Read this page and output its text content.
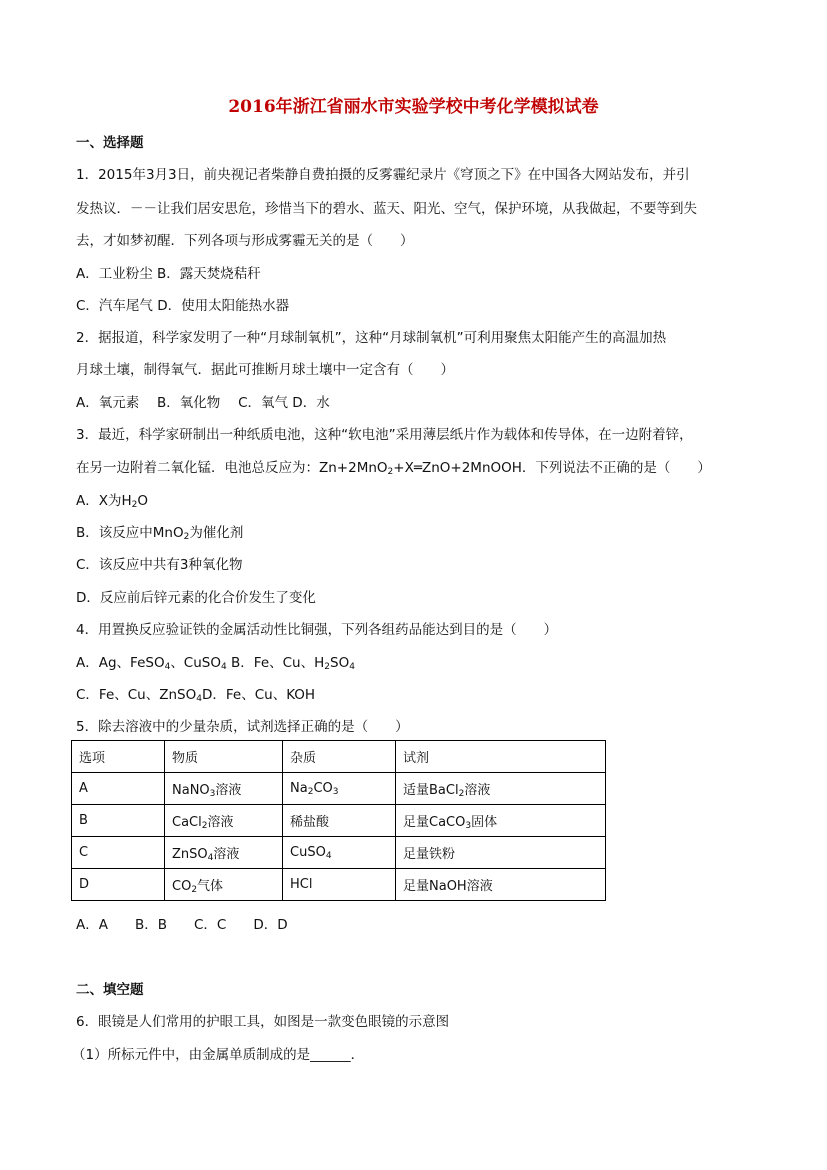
2016年浙江省丽水市实验学校中考化学模拟试卷
一、选择题
1．2015年3月3日，前央视记者柴静自费拍摄的反雾霾纪录片《穹顶之下》在中国各大网站发布，并引
发热议．－－让我们居安思危，珍惜当下的碧水、蓝天、阳光、空气，保护环境，从我做起，不要等到失
去，才如梦初醒．下列各项与形成雾霾无关的是（　　）
A．工业粉尘 B．露天焚烧秸秆
C．汽车尾气 D．使用太阳能热水器
2．据报道，科学家发明了一种“月球制氧机”，这种“月球制氧机”可利用聚焦太阳能产生的高温加热
月球土壤，制得氧气．据此可推断月球土壤中一定含有（　　）
A．氧元素　 B．氧化物　 C．氧气 D．水
3．最近，科学家研制出一种纸质电池，这种“软电池”采用薄层纸片作为载体和传导体，在一边附着锌，
在另一边附着二氧化锰．电池总反应为：Zn+2MnO$_2$+X═ZnO+2MnOOH．下列说法不正确的是（　　）
A．X为$H_2O$
B．该反应中MnO$_2$为催化剂
C．该反应中共有3种氧化物
D．反应前后锌元素的化合价发生了变化
4．用置换反应验证铁的金属活动性比铜强，下列各组药品能达到目的是（　　）
A．Ag、FeSO$_4$、CuSO$_4$ B．Fe、Cu、$H_2SO_4$
C．Fe、Cu、ZnSO$_4$D．Fe、Cu、KOH
5．除去溶液中的少量杂质，试剂选择正确的是（　　）
选项	物质	杂质	试剂
A	NaNO$_3$溶液	$Na_2CO_3$	适量BaCl$_2$溶液
B	CaCl$_2$溶液	稀盐酸	足量CaCO$_3$固体
C	ZnSO$_4$溶液	CuSO$_4$	足量铁粉
D	$CO_2$气体	HCl	足量NaOH溶液
A．A　　B．B　　C．C　　D．D
二、填空题
6．眼镜是人们常用的护眼工具，如图是一款变色眼镜的示意图
（1）所标元件中，由金属单质制成的是______．
